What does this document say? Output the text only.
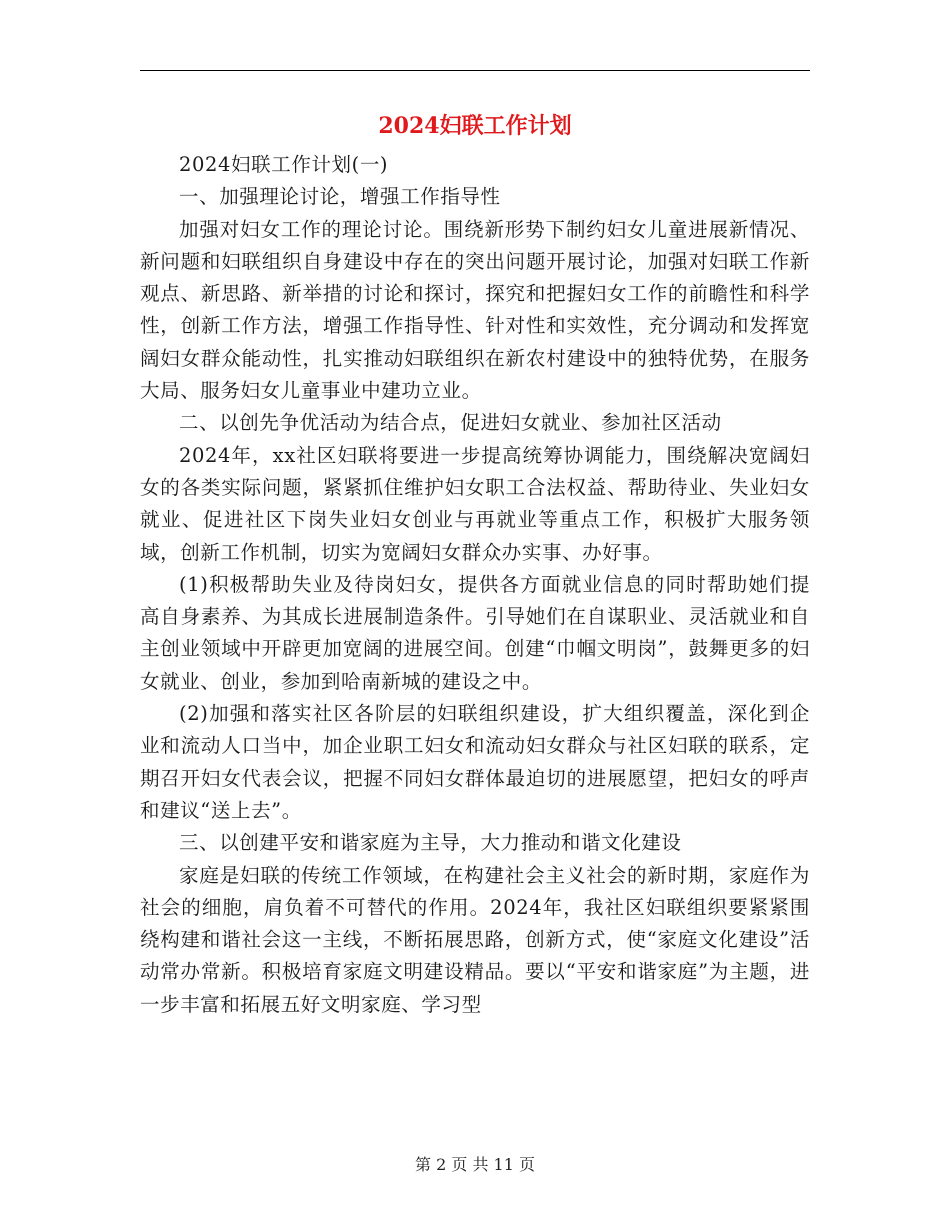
2024妇联工作计划

2024妇联工作计划(一)

一、加强理论讨论，增强工作指导性

加强对妇女工作的理论讨论。围绕新形势下制约妇女儿童进展新情况、新问题和妇联组织自身建设中存在的突出问题开展讨论，加强对妇联工作新观点、新思路、新举措的讨论和探讨，探究和把握妇女工作的前瞻性和科学性，创新工作方法，增强工作指导性、针对性和实效性，充分调动和发挥宽阔妇女群众能动性，扎实推动妇联组织在新农村建设中的独特优势，在服务大局、服务妇女儿童事业中建功立业。

二、以创先争优活动为结合点，促进妇女就业、参加社区活动

2024年，xx社区妇联将要进一步提高统筹协调能力，围绕解决宽阔妇女的各类实际问题，紧紧抓住维护妇女职工合法权益、帮助待业、失业妇女就业、促进社区下岗失业妇女创业与再就业等重点工作，积极扩大服务领域，创新工作机制，切实为宽阔妇女群众办实事、办好事。

(1)积极帮助失业及待岗妇女，提供各方面就业信息的同时帮助她们提高自身素养、为其成长进展制造条件。引导她们在自谋职业、灵活就业和自主创业领域中开辟更加宽阔的进展空间。创建“巾帼文明岗”，鼓舞更多的妇女就业、创业，参加到哈南新城的建设之中。

(2)加强和落实社区各阶层的妇联组织建设，扩大组织覆盖，深化到企业和流动人口当中，加企业职工妇女和流动妇女群众与社区妇联的联系，定期召开妇女代表会议，把握不同妇女群体最迫切的进展愿望，把妇女的呼声和建议“送上去”。

三、以创建平安和谐家庭为主导，大力推动和谐文化建设

家庭是妇联的传统工作领域，在构建社会主义社会的新时期，家庭作为社会的细胞，肩负着不可替代的作用。2024年，我社区妇联组织要紧紧围绕构建和谐社会这一主线，不断拓展思路，创新方式，使“家庭文化建设”活动常办常新。积极培育家庭文明建设精品。要以“平安和谐家庭”为主题，进一步丰富和拓展五好文明家庭、学习型

第 2 页 共 11 页
